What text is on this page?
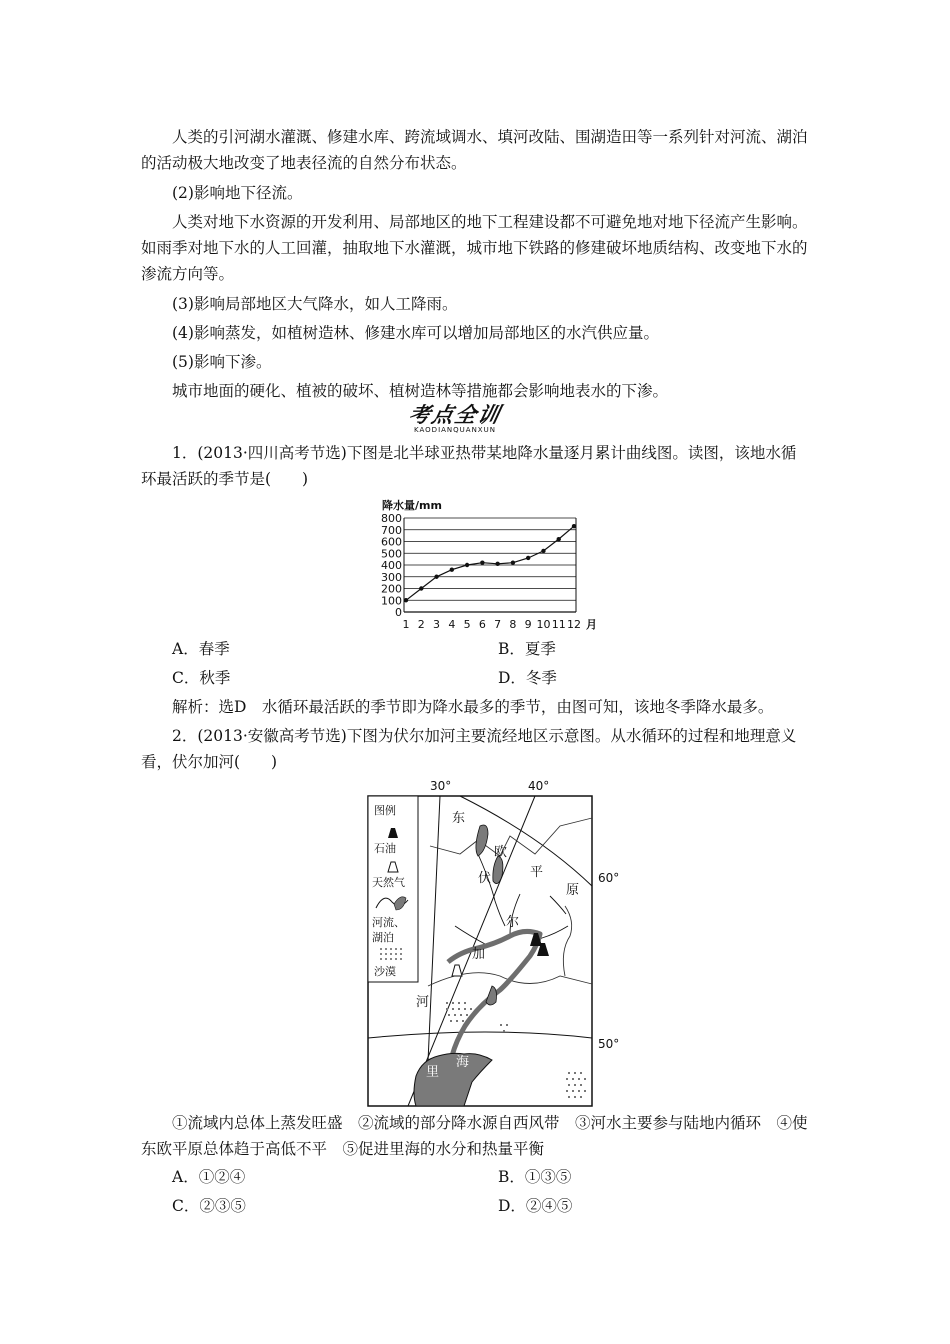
人类的引河湖水灌溉、修建水库、跨流域调水、填河改陆、围湖造田等一系列针对河流、湖泊的活动极大地改变了地表径流的自然分布状态。

(2)影响地下径流。

人类对地下水资源的开发利用、局部地区的地下工程建设都不可避免地对地下径流产生影响。如雨季对地下水的人工回灌，抽取地下水灌溉，城市地下铁路的修建破坏地质结构、改变地下水的渗流方向等。

(3)影响局部地区大气降水，如人工降雨。

(4)影响蒸发，如植树造林、修建水库可以增加局部地区的水汽供应量。

(5)影响下渗。

城市地面的硬化、植被的破坏、植树造林等措施都会影响地表水的下渗。

考点全训
KAODIANQUANXUN

1．(2013·四川高考节选)下图是北半球亚热带某地降水量逐月累计曲线图。读图，该地水循环最活跃的季节是(　　)

降水量/mm
0
100
200
300
400
500
600
700
800
1 2 3 4 5 6 7 8 9 10 11 12 月
A．春季	B．夏季
C．秋季	D．冬季

解析：选D　水循环最活跃的季节即为降水最多的季节，由图可知，该地冬季降水最多。

2．(2013·安徽高考节选)下图为伏尔加河主要流经地区示意图。从水循环的过程和地理意义看，伏尔加河(　　)

30°	40°
60°
50°
东
欧
平
原
伏
尔
加
河
里
海
图例
石油
天然气
河流、
湖泊
沙漠

①流域内总体上蒸发旺盛　②流域的部分降水源自西风带　③河水主要参与陆地内循环　④使东欧平原总体趋于高低不平　⑤促进里海的水分和热量平衡

A．①②④	B．①③⑤
C．②③⑤	D．②④⑤
